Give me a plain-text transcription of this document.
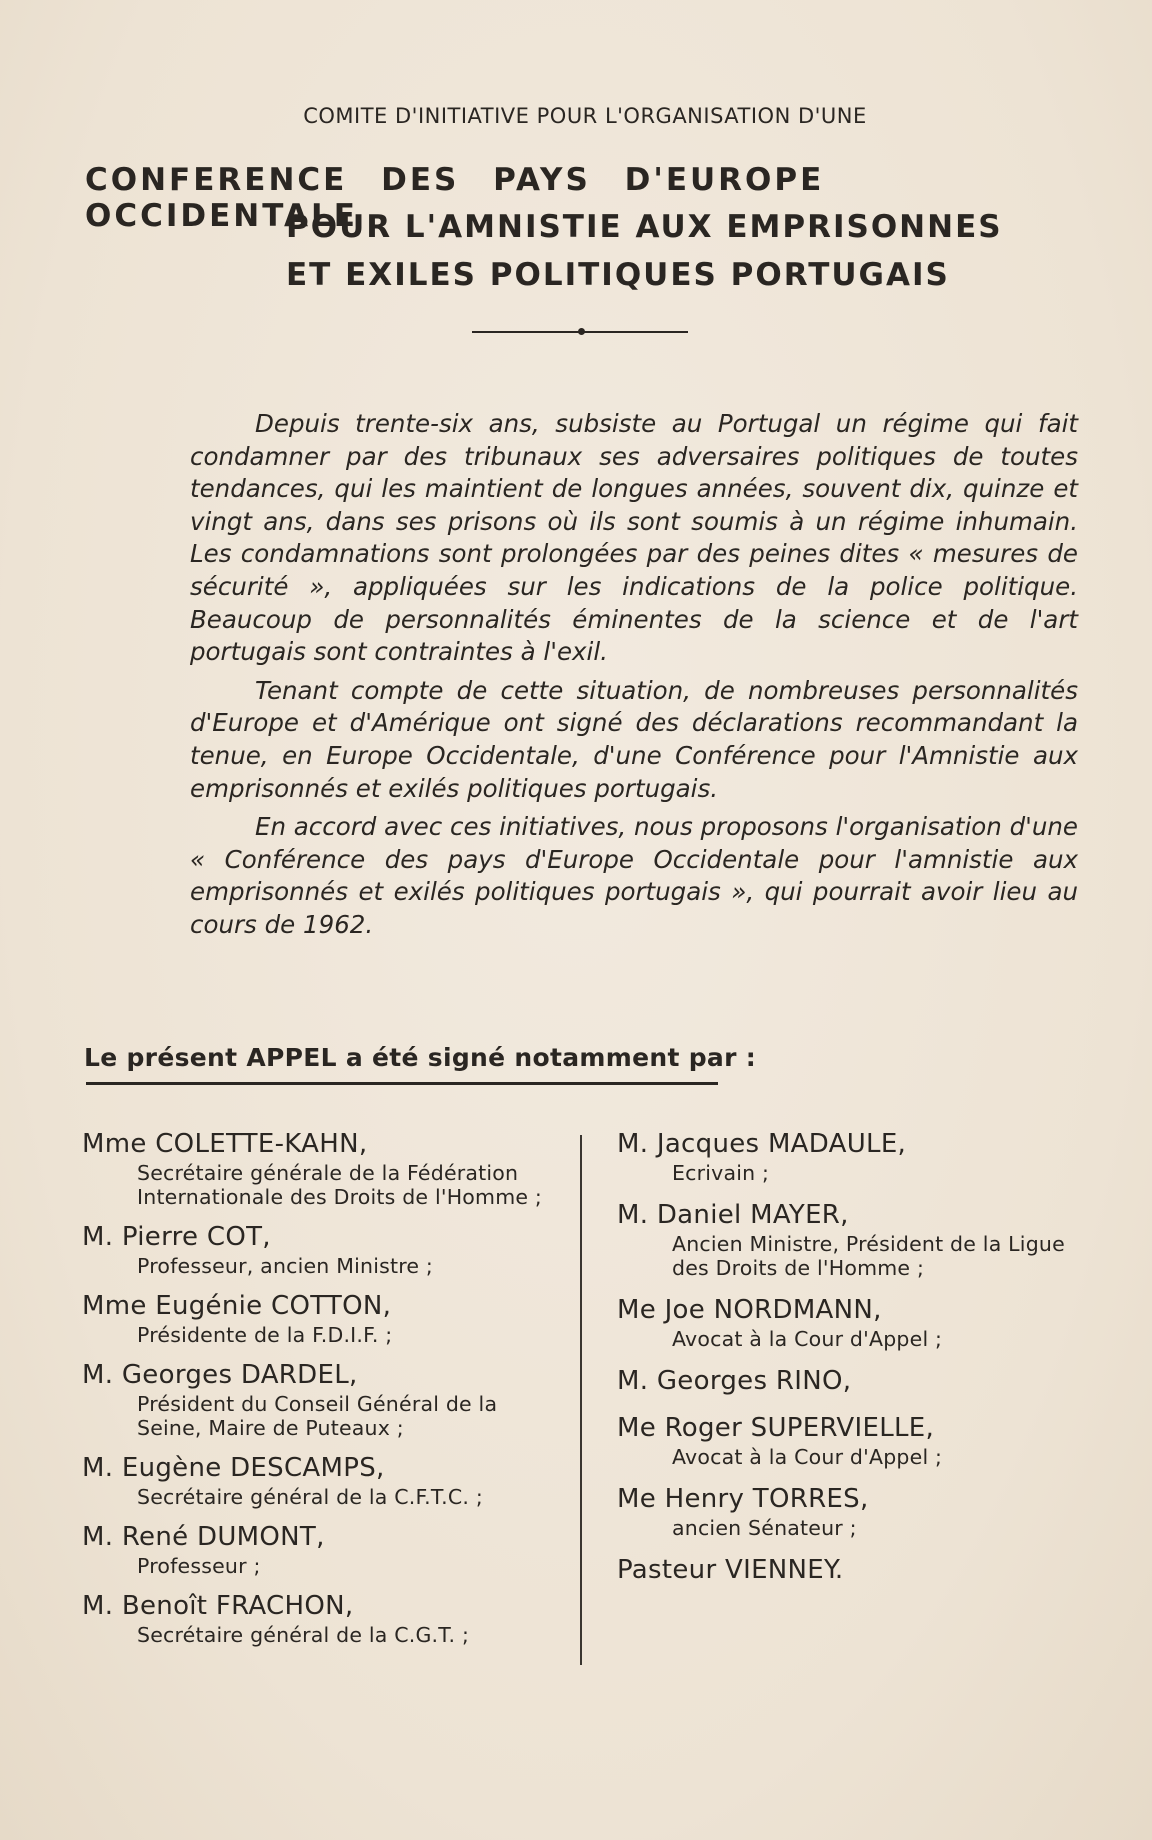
COMITE D'INITIATIVE POUR L'ORGANISATION D'UNE
CONFERENCE DES PAYS D'EUROPE OCCIDENTALE
POUR L'AMNISTIE AUX EMPRISONNES
ET EXILES POLITIQUES PORTUGAIS

Depuis trente-six ans, subsiste au Portugal un régime qui fait condamner par des tribunaux ses adversaires politiques de toutes tendances, qui les maintient de longues années, souvent dix, quinze et vingt ans, dans ses prisons où ils sont soumis à un régime inhumain. Les condamnations sont prolongées par des peines dites « mesures de sécurité », appliquées sur les indications de la police politique. Beaucoup de personnalités éminentes de la science et de l'art portugais sont contraintes à l'exil.

Tenant compte de cette situation, de nombreuses personnalités d'Europe et d'Amérique ont signé des déclarations recommandant la tenue, en Europe Occidentale, d'une Conférence pour l'Amnistie aux emprisonnés et exilés politiques portugais.

En accord avec ces initiatives, nous proposons l'organisation d'une « Conférence des pays d'Europe Occidentale pour l'amnistie aux emprisonnés et exilés politiques portugais », qui pourrait avoir lieu au cours de 1962.

Le présent APPEL a été signé notamment par :
Mme COLETTE-KAHN,
Secrétaire générale de la Fédération
Internationale des Droits de l'Homme ;
M. Pierre COT,
Professeur, ancien Ministre ;
Mme Eugénie COTTON,
Présidente de la F.D.I.F. ;
M. Georges DARDEL,
Président du Conseil Général de la
Seine, Maire de Puteaux ;
M. Eugène DESCAMPS,
Secrétaire général de la C.F.T.C. ;
M. René DUMONT,
Professeur ;
M. Benoît FRACHON,
Secrétaire général de la C.G.T. ;
M. Jacques MADAULE,
Ecrivain ;
M. Daniel MAYER,
Ancien Ministre, Président de la Ligue
des Droits de l'Homme ;
Me Joe NORDMANN,
Avocat à la Cour d'Appel ;
M. Georges RINO,
Me Roger SUPERVIELLE,
Avocat à la Cour d'Appel ;
Me Henry TORRES,
ancien Sénateur ;
Pasteur VIENNEY.
